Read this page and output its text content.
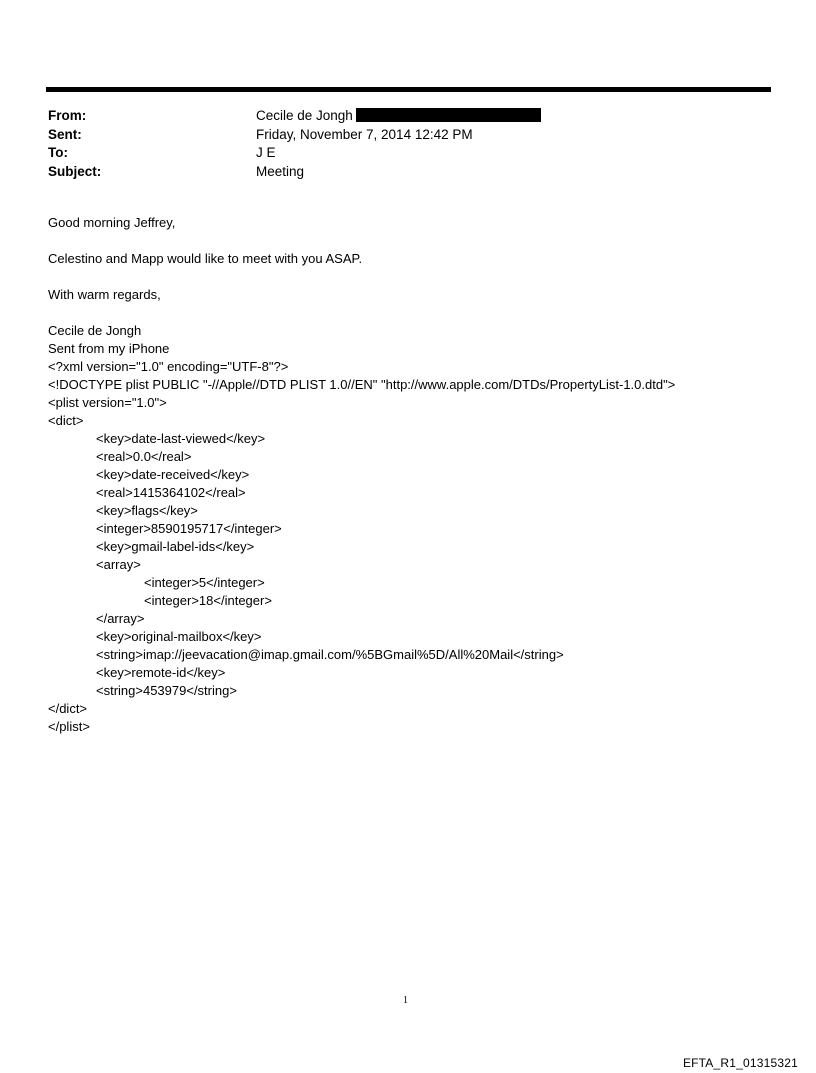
From:	Cecile de Jongh
Sent:	Friday, November 7, 2014 12:42 PM
To:	J E
Subject:	Meeting

Good morning Jeffrey,

Celestino and Mapp would like to meet with you ASAP.

With warm regards,

Cecile de Jongh

Sent from my iPhone

<?xml version="1.0" encoding="UTF-8"?>
<!DOCTYPE plist PUBLIC "-//Apple//DTD PLIST 1.0//EN" "http://www.apple.com/DTDs/PropertyList-1.0.dtd">
<plist version="1.0">
<dict>
<key>date-last-viewed</key>
<real>0.0</real>
<key>date-received</key>
<real>1415364102</real>
<key>flags</key>
<integer>8590195717</integer>
<key>gmail-label-ids</key>
<array>
<integer>5</integer>
<integer>18</integer>
</array>
<key>original-mailbox</key>
<string>imap://jeevacation@imap.gmail.com/%5BGmail%5D/All%20Mail</string>
<key>remote-id</key>
<string>453979</string>
</dict>
</plist>
1
EFTA_R1_01315321
